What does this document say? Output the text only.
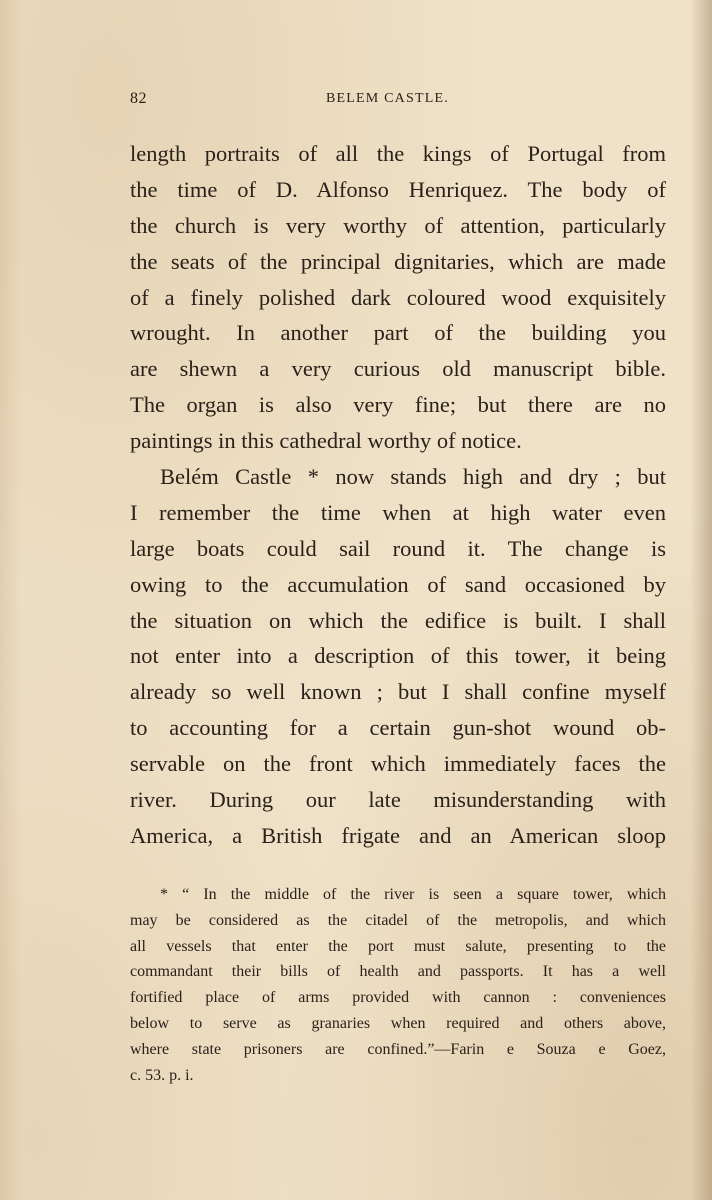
82	BELEM CASTLE.
length portraits of all the kings of Portugal from
the time of D. Alfonso Henriquez. The body of
the church is very worthy of attention, particularly
the seats of the principal dignitaries, which are made
of a finely polished dark coloured wood exquisitely
wrought. In another part of the building you
are shewn a very curious old manuscript bible.
The organ is also very fine; but there are no
paintings in this cathedral worthy of notice.
Belém Castle * now stands high and dry ; but
I remember the time when at high water even
large boats could sail round it. The change is
owing to the accumulation of sand occasioned by
the situation on which the edifice is built. I shall
not enter into a description of this tower, it being
already so well known ; but I shall confine myself
to accounting for a certain gun-shot wound ob-
servable on the front which immediately faces the
river. During our late misunderstanding with
America, a British frigate and an American sloop
* “ In the middle of the river is seen a square tower, which
may be considered as the citadel of the metropolis, and which
all vessels that enter the port must salute, presenting to the
commandant their bills of health and passports. It has a well
fortified place of arms provided with cannon : conveniences
below to serve as granaries when required and others above,
where state prisoners are confined.”—Farin e Souza e Goez,
c. 53. p. i.
